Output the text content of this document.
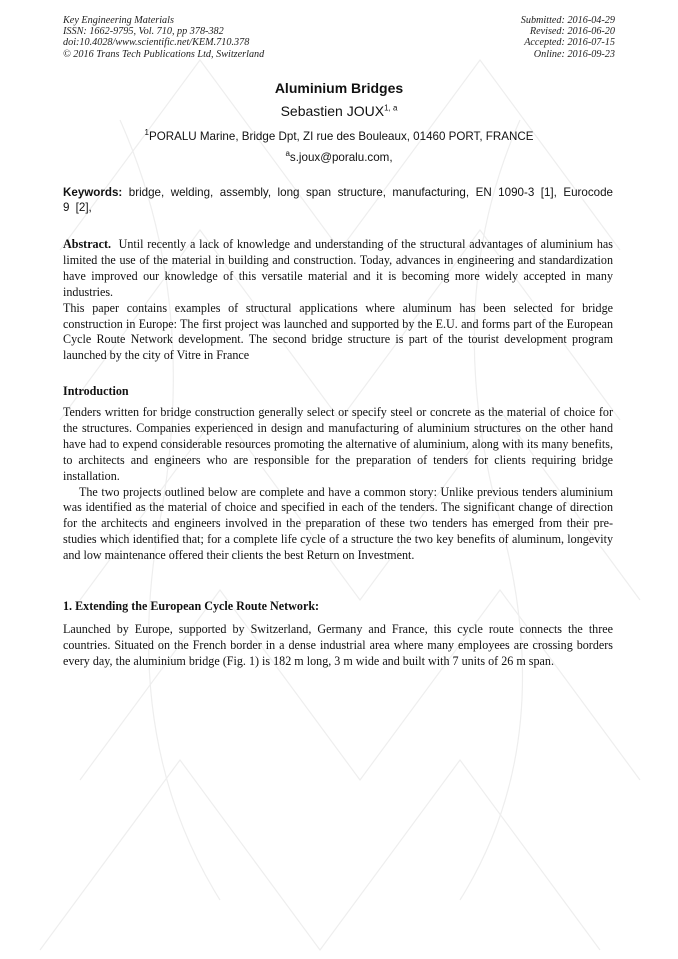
Key Engineering Materials
ISSN: 1662-9795, Vol. 710, pp 378-382
doi:10.4028/www.scientific.net/KEM.710.378
© 2016 Trans Tech Publications Ltd, Switzerland
Submitted: 2016-04-29
Revised: 2016-06-20
Accepted: 2016-07-15
Online: 2016-09-23
Aluminium Bridges
Sebastien JOUX$^{1, a}$
$^1$PORALU Marine, Bridge Dpt, ZI rue des Bouleaux, 01460 PORT, FRANCE
$^a$s.joux@poralu.com,
Keywords: bridge, welding, assembly, long span structure, manufacturing, EN 1090-3 [1], Eurocode 9 [2],

Abstract. Until recently a lack of knowledge and understanding of the structural advantages of aluminium has limited the use of the material in building and construction. Today, advances in engineering and standardization have improved our knowledge of this versatile material and it is becoming more widely accepted in many industries.

This paper contains examples of structural applications where aluminum has been selected for bridge construction in Europe: The first project was launched and supported by the E.U. and forms part of the European Cycle Route Network development. The second bridge structure is part of the tourist development program launched by the city of Vitre in France

Introduction

Tenders written for bridge construction generally select or specify steel or concrete as the material of choice for the structures. Companies experienced in design and manufacturing of aluminium structures on the other hand have had to expend considerable resources promoting the alternative of aluminium, along with its many benefits, to architects and engineers who are responsible for the preparation of tenders for clients requiring bridge installation.

The two projects outlined below are complete and have a common story: Unlike previous tenders aluminium was identified as the material of choice and specified in each of the tenders. The significant change of direction for the architects and engineers involved in the preparation of these two tenders has emerged from their pre-studies which identified that; for a complete life cycle of a structure the two key benefits of aluminum, longevity and low maintenance offered their clients the best Return on Investment.

1. Extending the European Cycle Route Network:

Launched by Europe, supported by Switzerland, Germany and France, this cycle route connects the three countries. Situated on the French border in a dense industrial area where many employees are crossing borders every day, the aluminium bridge (Fig. 1) is 182 m long, 3 m wide and built with 7 units of 26 m span.
